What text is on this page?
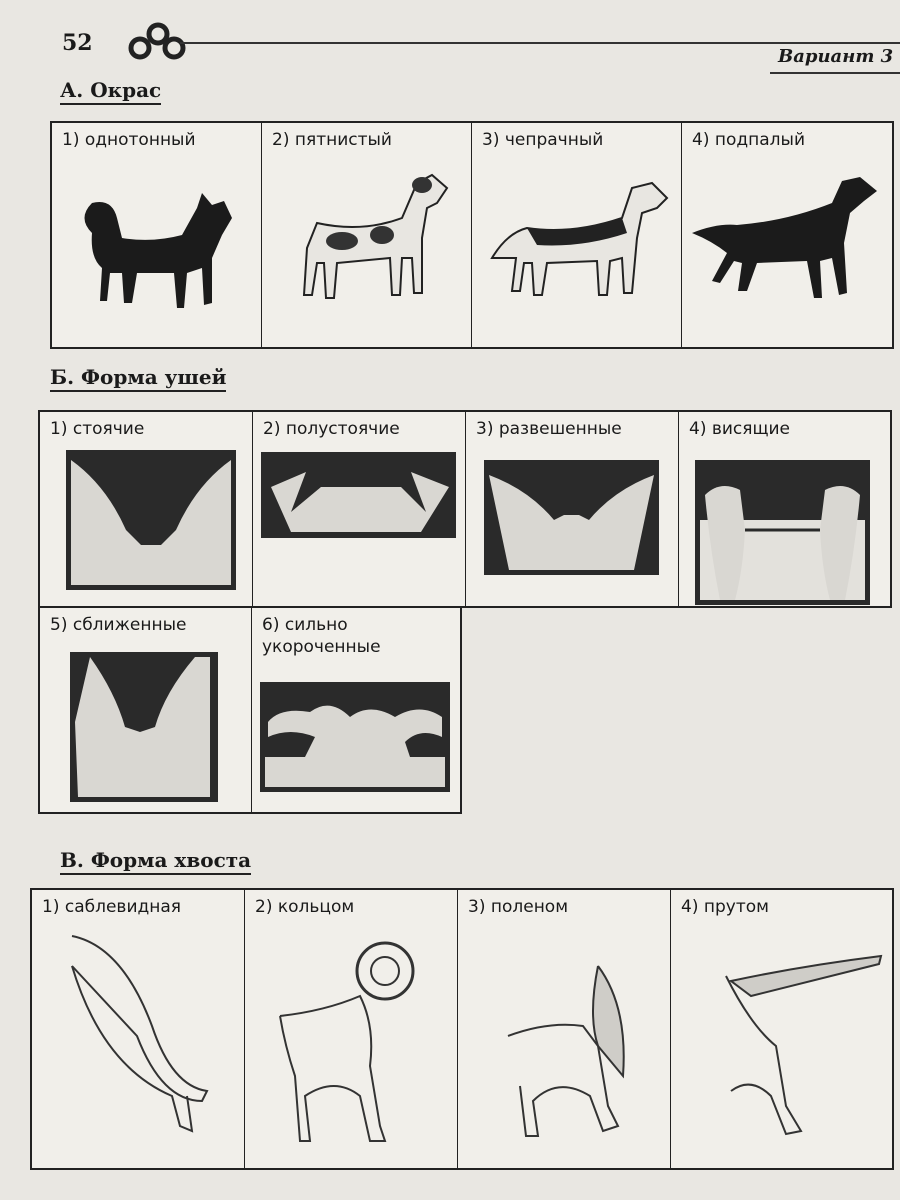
52
Вариант 3
А. Окрас
1) однотонный	2) пятнистый	3) чепрачный	4) подпалый
Б. Форма ушей
1) стоячие	2) полустоячие	3) развешенные	4) висящие
5) сближенные	6) сильно укороченные
В. Форма хвоста
1) саблевидная	2) кольцом	3) поленом	4) прутом
